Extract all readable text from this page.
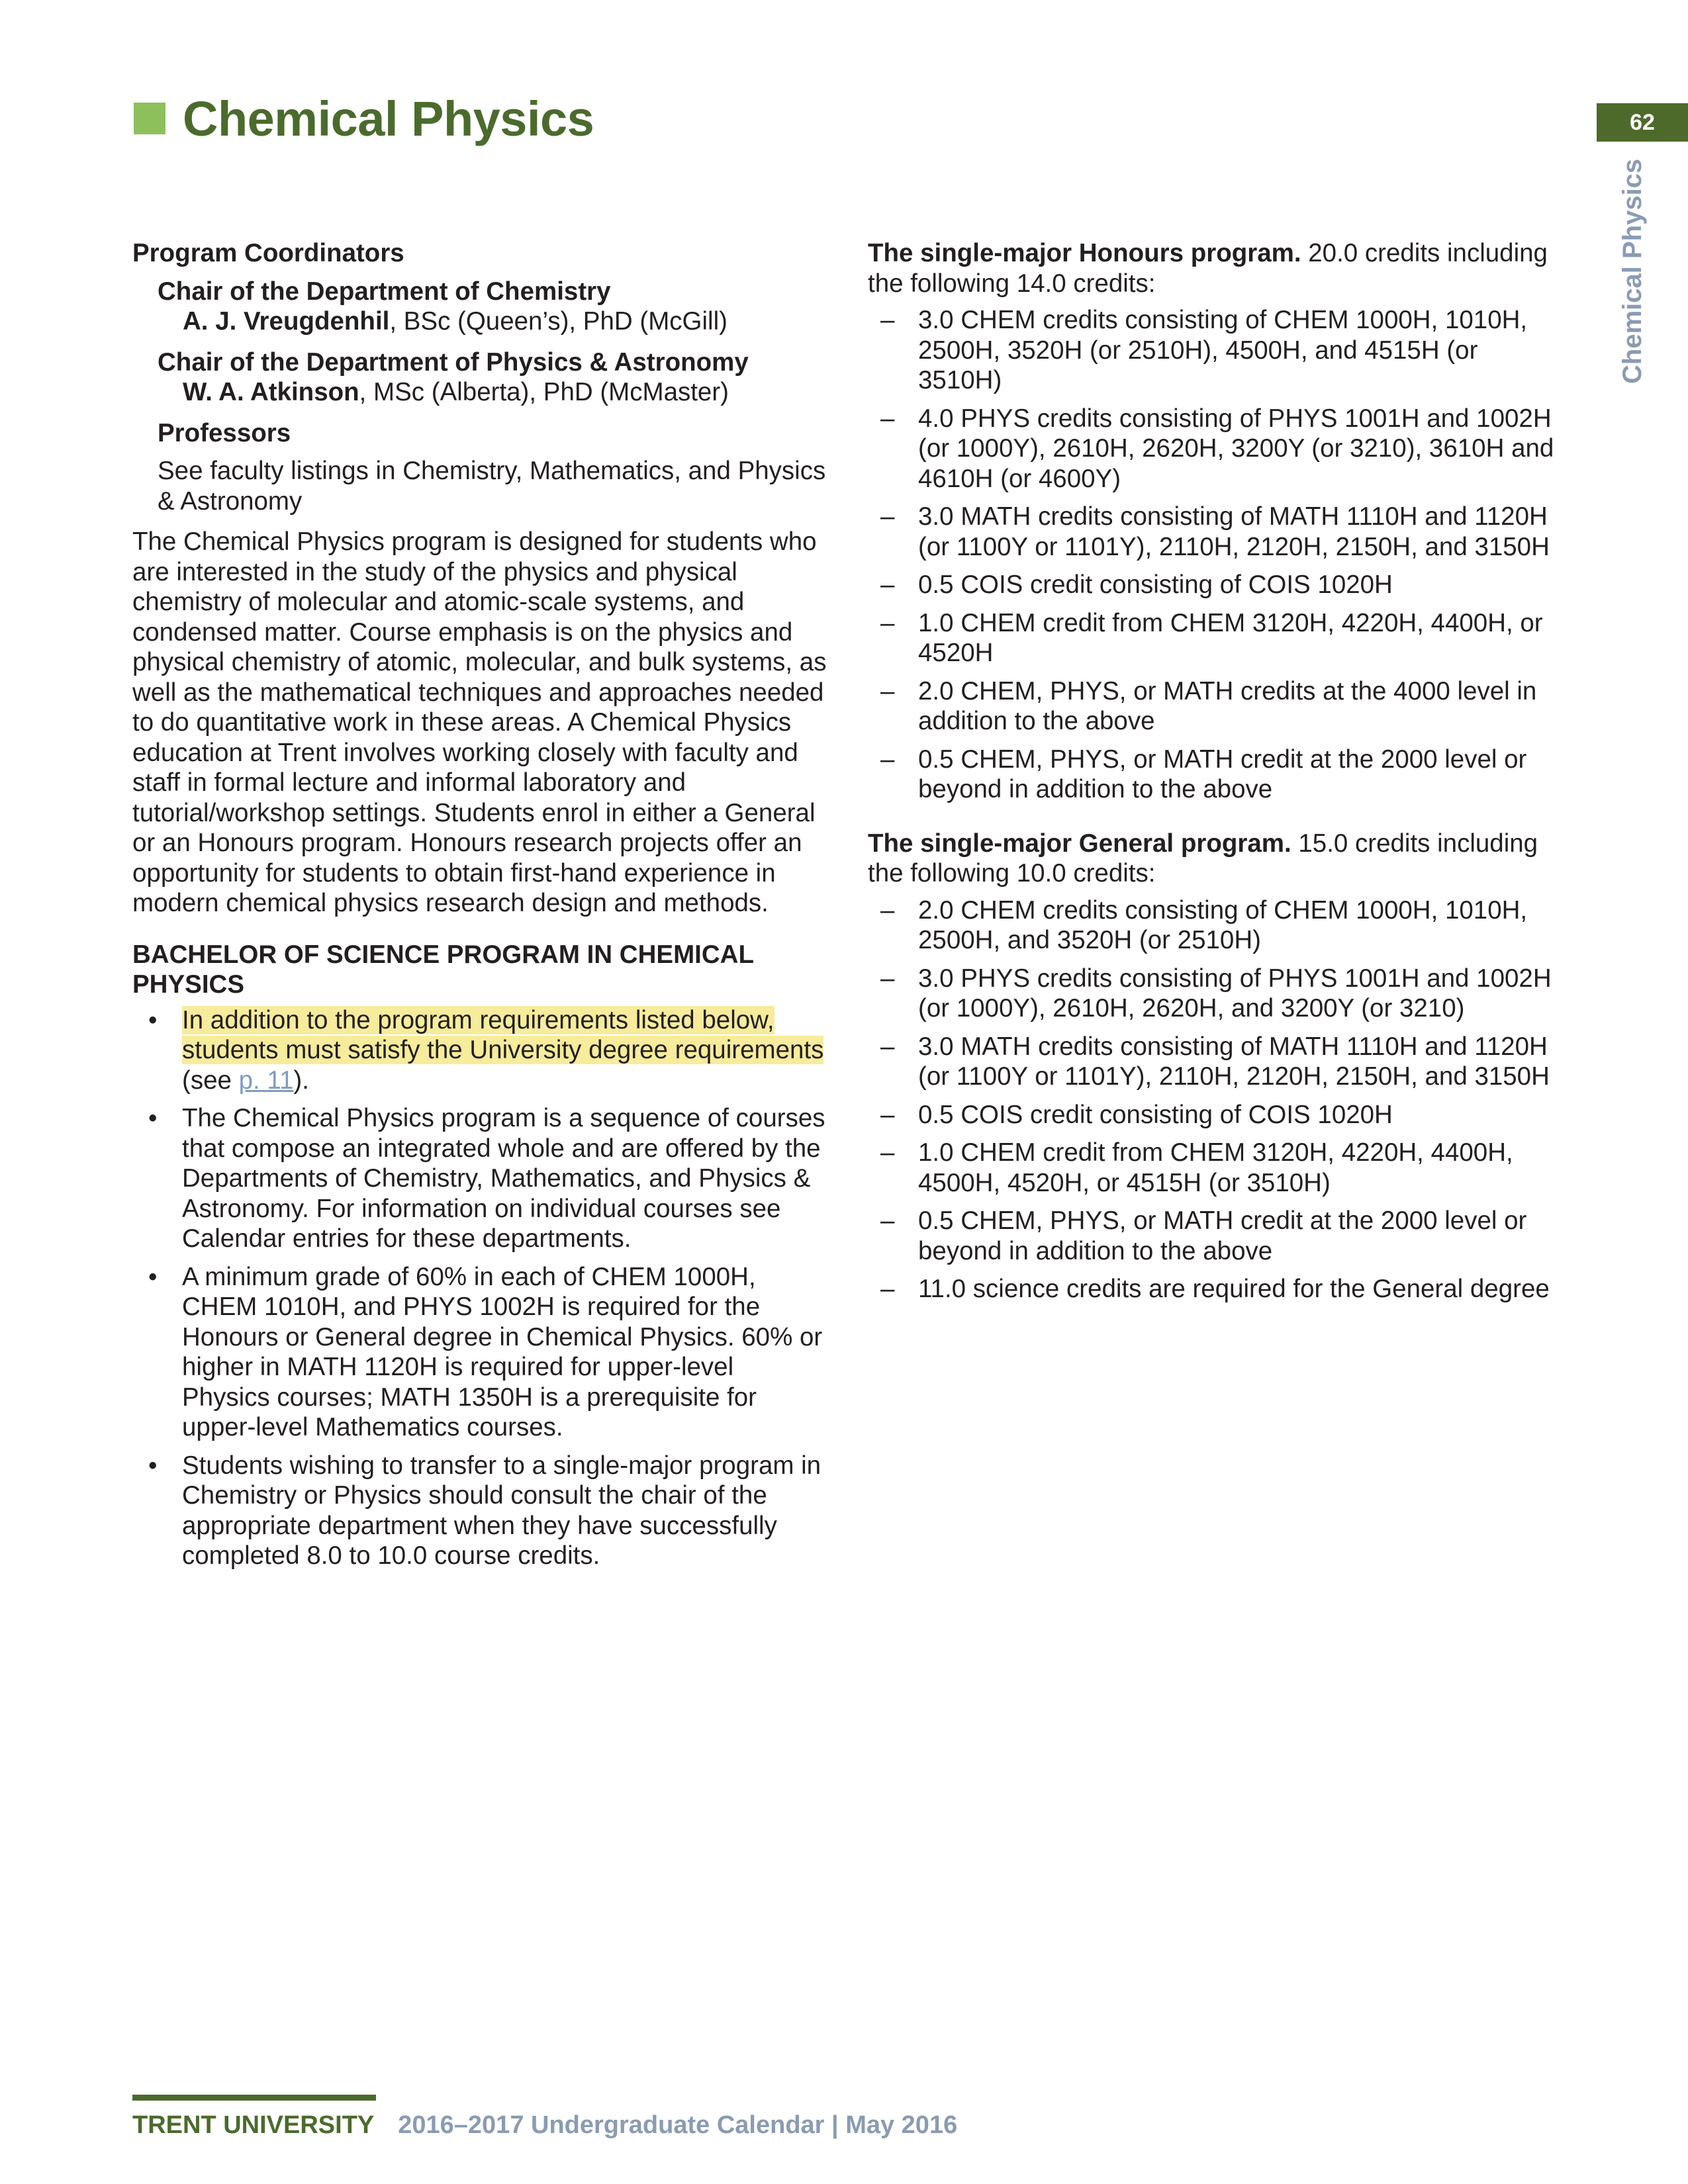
Chemical Physics	62
Chemical Physics
Program Coordinators
Chair of the Department of Chemistry
A. J. Vreugdenhil, BSc (Queen’s), PhD (McGill)
Chair of the Department of Physics & Astronomy
W. A. Atkinson, MSc (Alberta), PhD (McMaster)
Professors
See faculty listings in Chemistry, Mathematics, and Physics & Astronomy

The Chemical Physics program is designed for students who are interested in the study of the physics and physical chemistry of molecular and atomic-scale systems, and condensed matter. Course emphasis is on the physics and physical chemistry of atomic, molecular, and bulk systems, as well as the mathematical techniques and approaches needed to do quantitative work in these areas. A Chemical Physics education at Trent involves working closely with faculty and staff in formal lecture and informal laboratory and tutorial/workshop settings. Students enrol in either a General or an Honours program. Honours research projects offer an opportunity for students to obtain first-hand experience in modern chemical physics research design and methods.

BACHELOR OF SCIENCE PROGRAM IN CHEMICAL PHYSICS
• In addition to the program requirements listed below, students must satisfy the University degree requirements (see p. 11).
• The Chemical Physics program is a sequence of courses that compose an integrated whole and are offered by the Departments of Chemistry, Mathematics, and Physics & Astronomy. For information on individual courses see Calendar entries for these departments.
• A minimum grade of 60% in each of CHEM 1000H, CHEM 1010H, and PHYS 1002H is required for the Honours or General degree in Chemical Physics. 60% or higher in MATH 1120H is required for upper-level Physics courses; MATH 1350H is a prerequisite for upper-level Mathematics courses.
• Students wishing to transfer to a single-major program in Chemistry or Physics should consult the chair of the appropriate department when they have successfully completed 8.0 to 10.0 course credits.

The single-major Honours program. 20.0 credits including the following 14.0 credits:

– 3.0 CHEM credits consisting of CHEM 1000H, 1010H, 2500H, 3520H (or 2510H), 4500H, and 4515H (or 3510H)
– 4.0 PHYS credits consisting of PHYS 1001H and 1002H (or 1000Y), 2610H, 2620H, 3200Y (or 3210), 3610H and 4610H (or 4600Y)
– 3.0 MATH credits consisting of MATH 1110H and 1120H (or 1100Y or 1101Y), 2110H, 2120H, 2150H, and 3150H
– 0.5 COIS credit consisting of COIS 1020H
– 1.0 CHEM credit from CHEM 3120H, 4220H, 4400H, or 4520H
– 2.0 CHEM, PHYS, or MATH credits at the 4000 level in addition to the above
– 0.5 CHEM, PHYS, or MATH credit at the 2000 level or beyond in addition to the above

The single-major General program. 15.0 credits including the following 10.0 credits:

– 2.0 CHEM credits consisting of CHEM 1000H, 1010H, 2500H, and 3520H (or 2510H)
– 3.0 PHYS credits consisting of PHYS 1001H and 1002H (or 1000Y), 2610H, 2620H, and 3200Y (or 3210)
– 3.0 MATH credits consisting of MATH 1110H and 1120H (or 1100Y or 1101Y), 2110H, 2120H, 2150H, and 3150H
– 0.5 COIS credit consisting of COIS 1020H
– 1.0 CHEM credit from CHEM 3120H, 4220H, 4400H, 4500H, 4520H, or 4515H (or 3510H)
– 0.5 CHEM, PHYS, or MATH credit at the 2000 level or beyond in addition to the above
– 11.0 science credits are required for the General degree
TRENT UNIVERSITY 2016–2017 Undergraduate Calendar | May 2016
